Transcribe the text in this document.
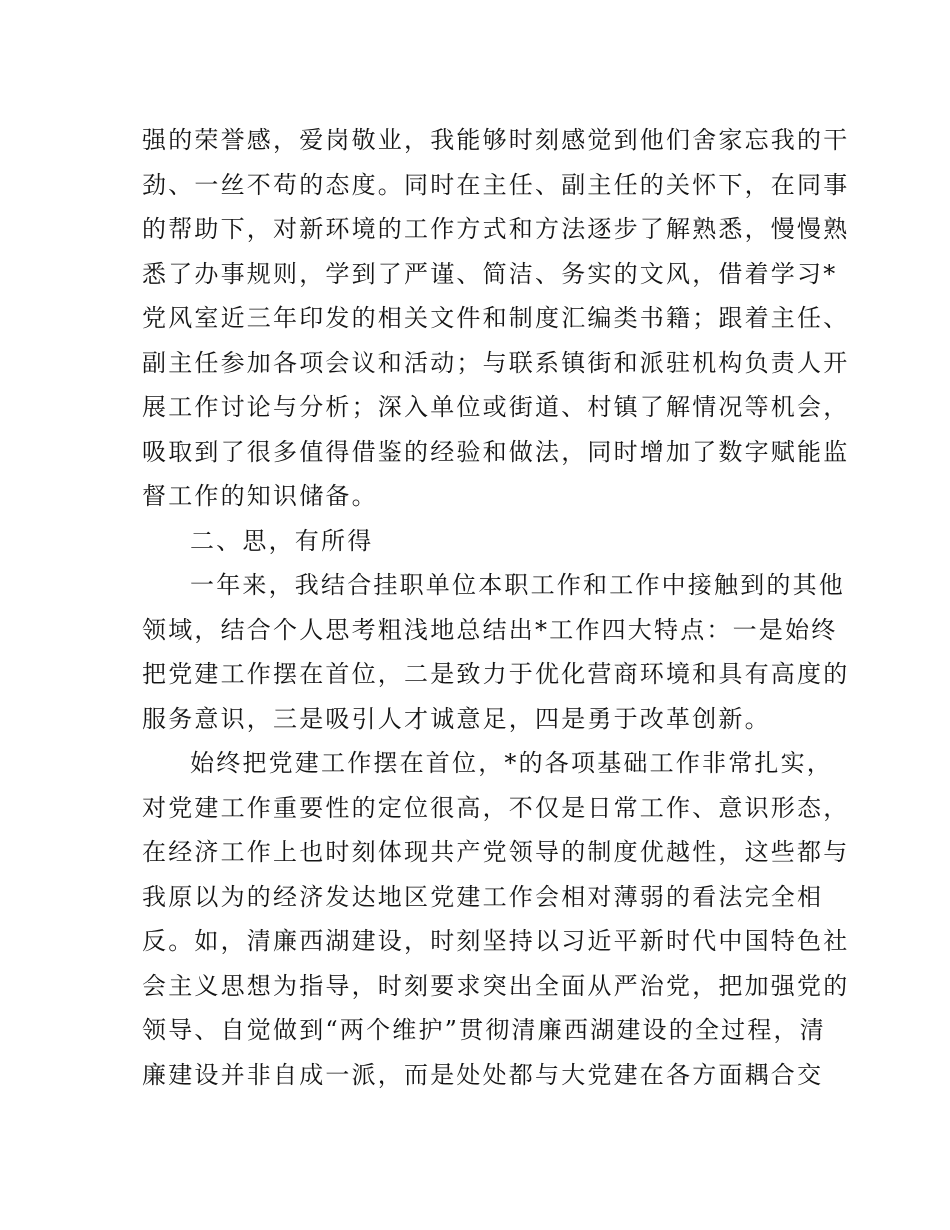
强的荣誉感，爱岗敬业，我能够时刻感觉到他们舍家忘我的干
劲、一丝不苟的态度。同时在主任、副主任的关怀下，在同事
的帮助下，对新环境的工作方式和方法逐步了解熟悉，慢慢熟
悉了办事规则，学到了严谨、简洁、务实的文风，借着学习*
党风室近三年印发的相关文件和制度汇编类书籍；跟着主任、
副主任参加各项会议和活动；与联系镇街和派驻机构负责人开
展工作讨论与分析；深入单位或街道、村镇了解情况等机会，
吸取到了很多值得借鉴的经验和做法，同时增加了数字赋能监
督工作的知识储备。
二、思，有所得
一年来，我结合挂职单位本职工作和工作中接触到的其他
领域，结合个人思考粗浅地总结出*工作四大特点：一是始终
把党建工作摆在首位，二是致力于优化营商环境和具有高度的
服务意识，三是吸引人才诚意足，四是勇于改革创新。
始终把党建工作摆在首位，*的各项基础工作非常扎实，
对党建工作重要性的定位很高，不仅是日常工作、意识形态，
在经济工作上也时刻体现共产党领导的制度优越性，这些都与
我原以为的经济发达地区党建工作会相对薄弱的看法完全相
反。如，清廉西湖建设，时刻坚持以习近平新时代中国特色社
会主义思想为指导，时刻要求突出全面从严治党，把加强党的
领导、自觉做到“两个维护”贯彻清廉西湖建设的全过程，清
廉建设并非自成一派，而是处处都与大党建在各方面耦合交
